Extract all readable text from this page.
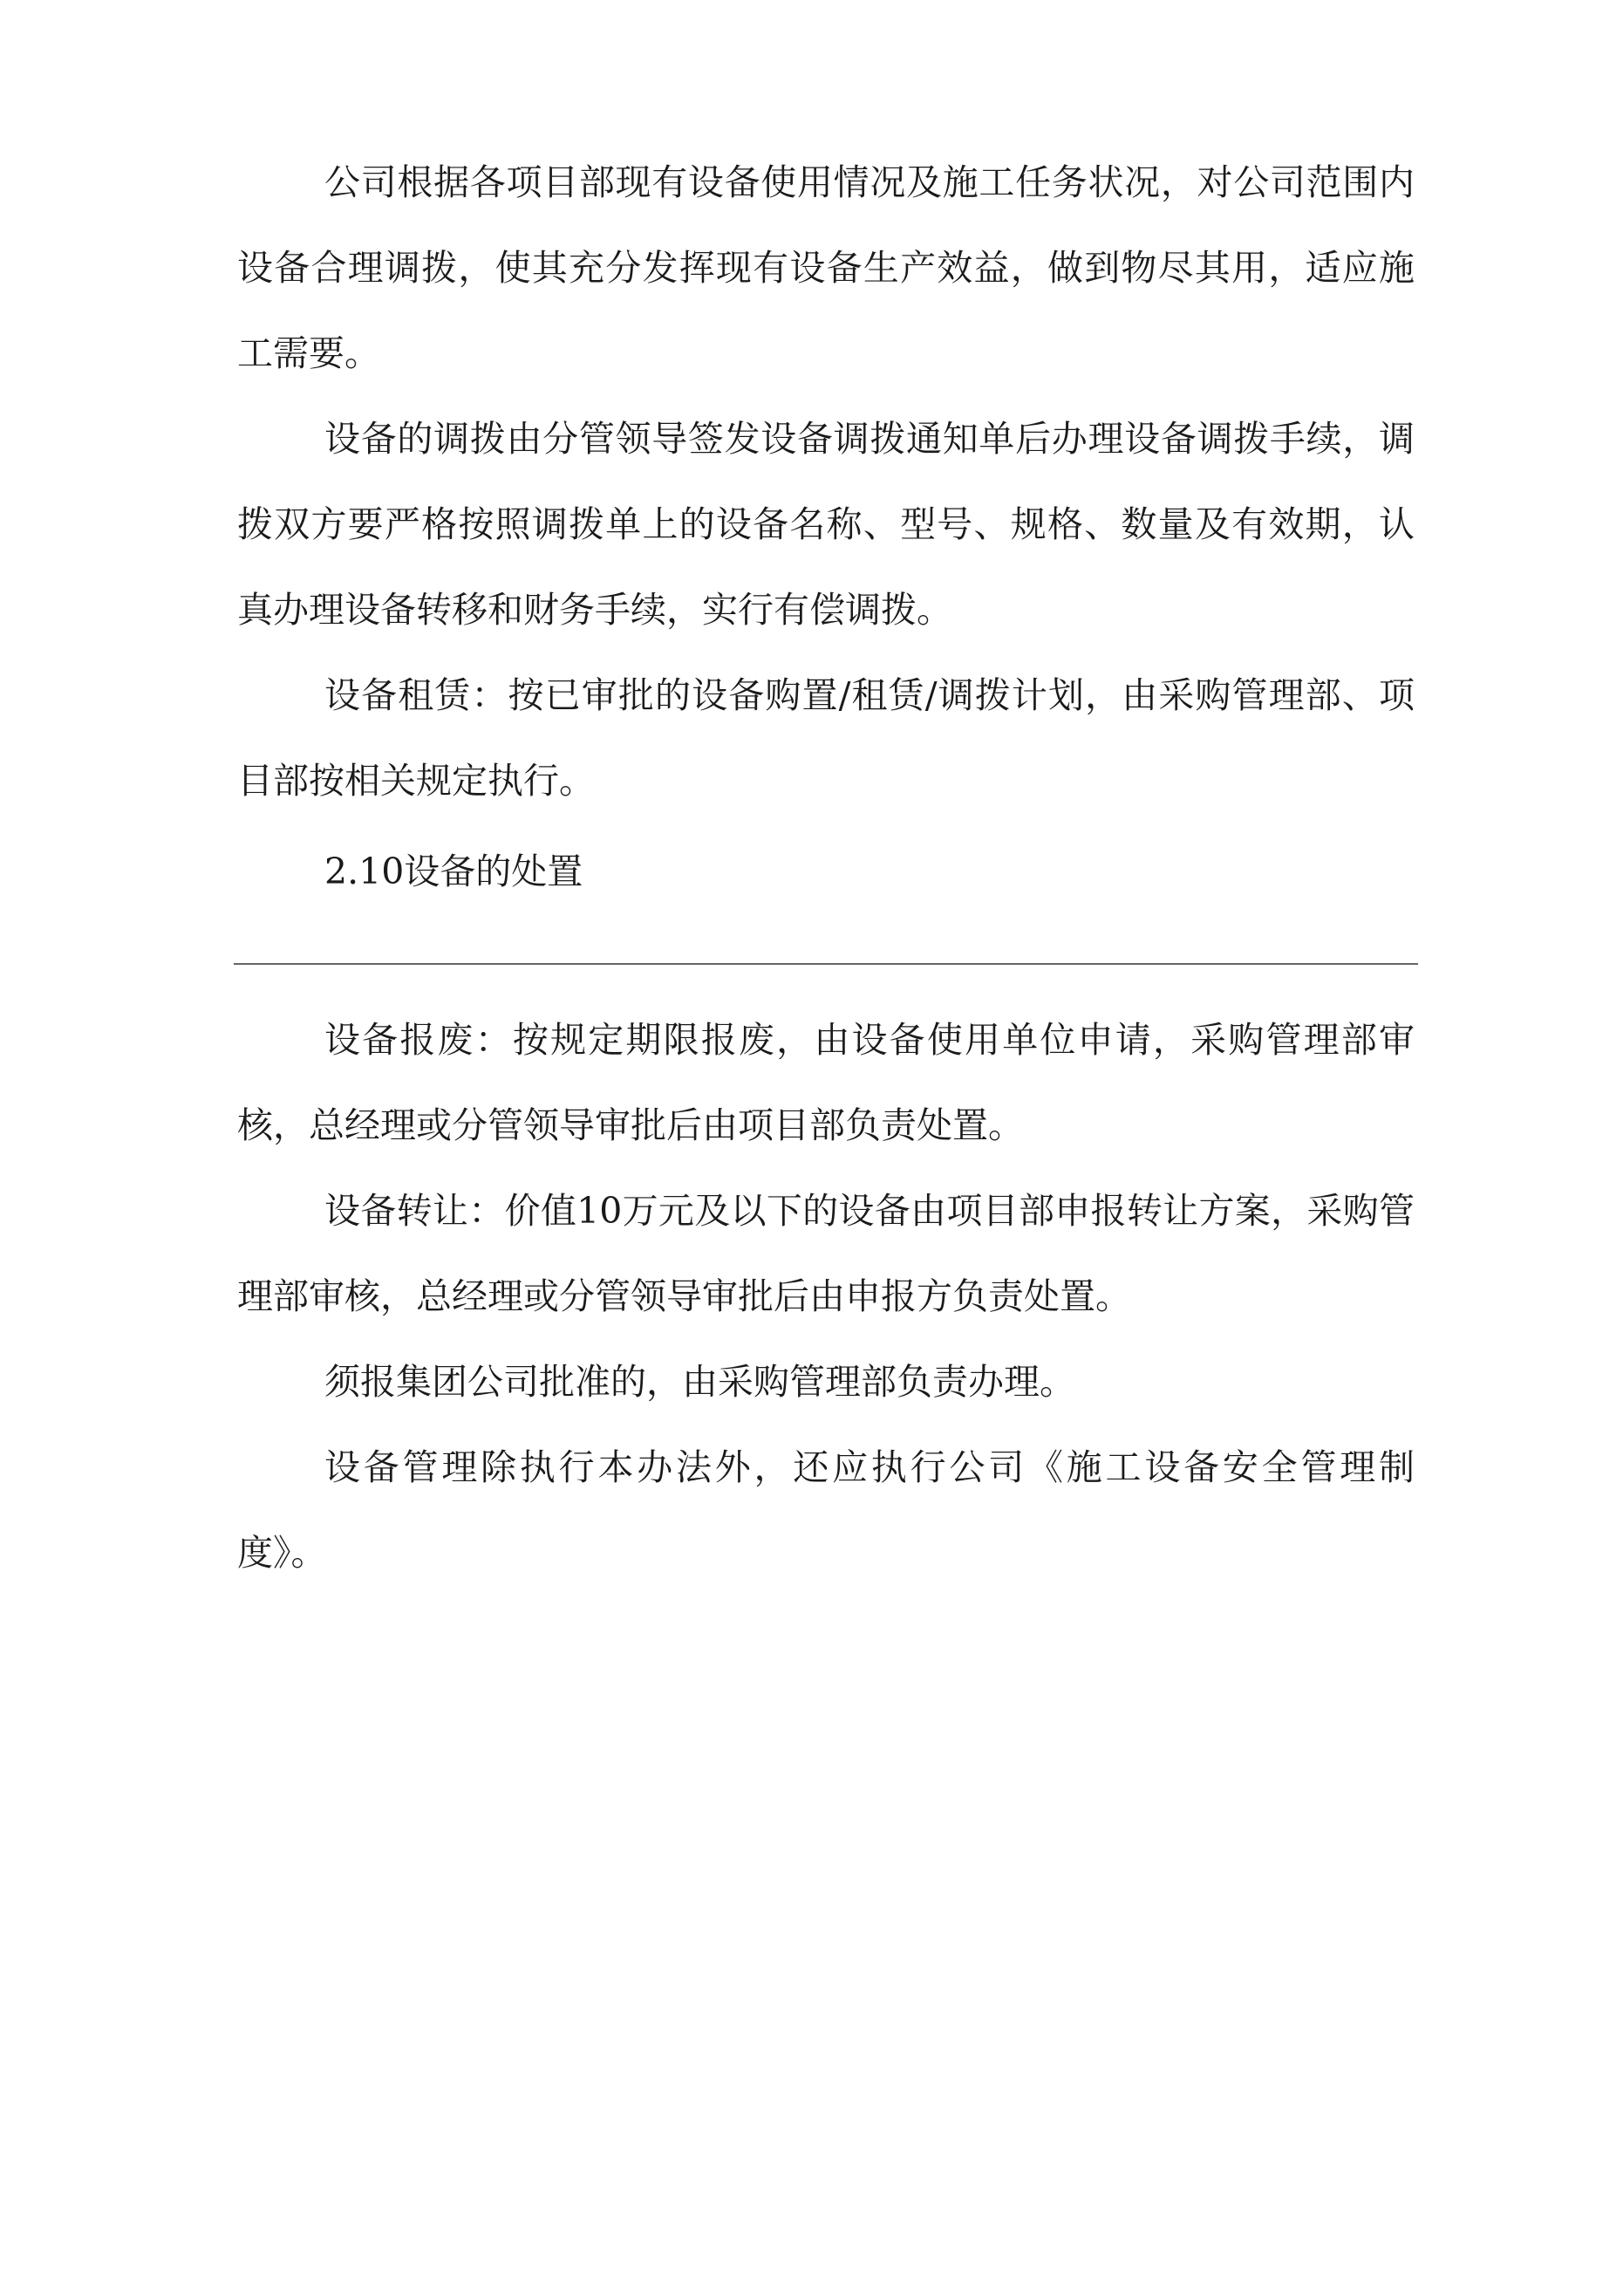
公司根据各项目部现有设备使用情况及施工任务状况，对公司范围内设备合理调拨，使其充分发挥现有设备生产效益，做到物尽其用，适应施工需要。

设备的调拨由分管领导签发设备调拨通知单后办理设备调拨手续，调拨双方要严格按照调拨单上的设备名称、型号、规格、数量及有效期，认真办理设备转移和财务手续，实行有偿调拨。

设备租赁：按已审批的设备购置/租赁/调拨计划，由采购管理部、项目部按相关规定执行。

2.10设备的处置

设备报废：按规定期限报废，由设备使用单位申请，采购管理部审核，总经理或分管领导审批后由项目部负责处置。

设备转让：价值10万元及以下的设备由项目部申报转让方案，采购管理部审核，总经理或分管领导审批后由申报方负责处置。

须报集团公司批准的，由采购管理部负责办理。

设备管理除执行本办法外，还应执行公司《施工设备安全管理制度》。
